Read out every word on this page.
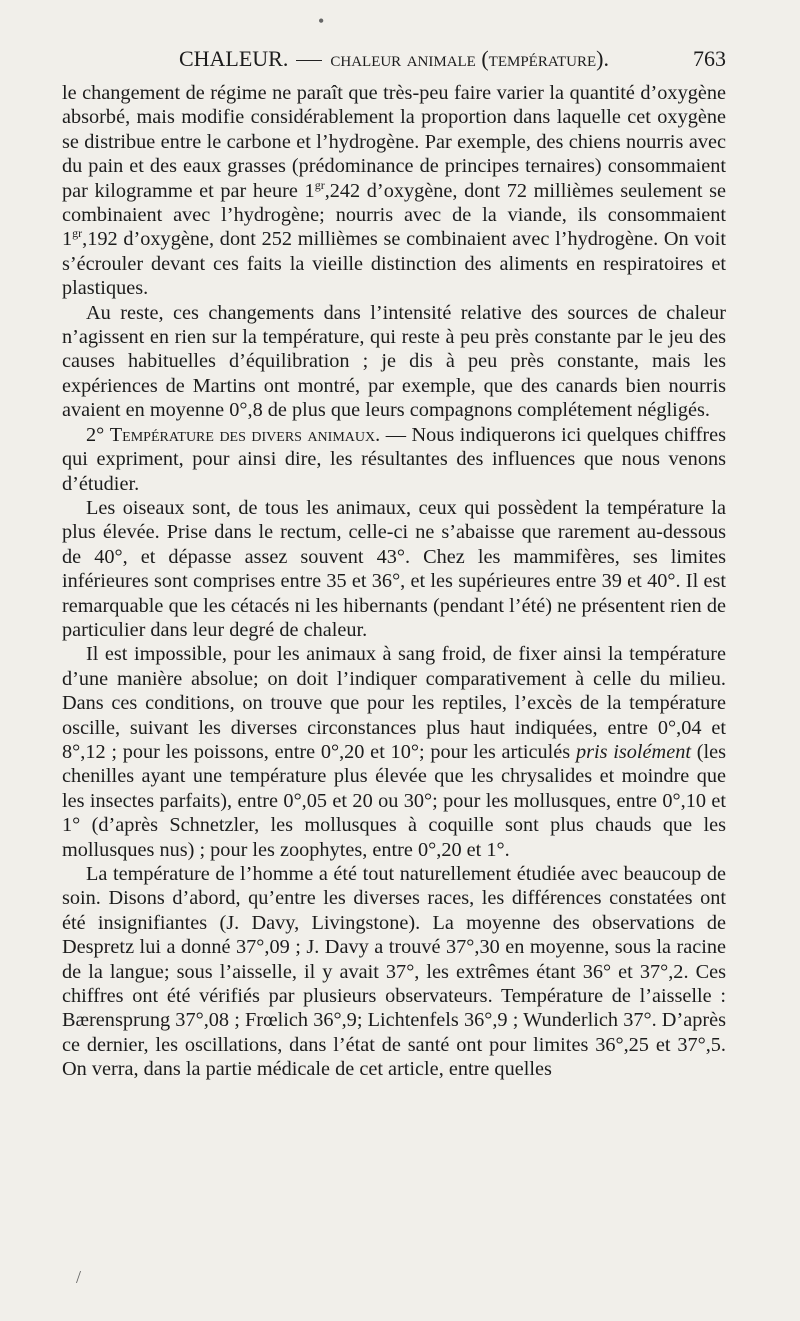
•
/
CHALEUR. chaleur animale (température).	763

le changement de régime ne paraît que très-peu faire varier la quantité d’oxygène absorbé, mais modifie considérablement la proportion dans laquelle cet oxygène se distribue entre le carbone et l’hydrogène. Par exemple, des chiens nourris avec du pain et des eaux grasses (prédominance de principes ternaires) consommaient par kilogramme et par heure $1^{gr},242$ d’oxygène, dont 72 millièmes seulement se combinaient avec l’hydrogène; nourris avec de la viande, ils consommaient $1^{gr},192$ d’oxygène, dont 252 millièmes se combinaient avec l’hydrogène. On voit s’écrouler devant ces faits la vieille distinction des aliments en respiratoires et plastiques.

Au reste, ces changements dans l’intensité relative des sources de chaleur n’agissent en rien sur la température, qui reste à peu près constante par le jeu des causes habituelles d’équilibration ; je dis à peu près constante, mais les expériences de Martins ont montré, par exemple, que des canards bien nourris avaient en moyenne 0°,8 de plus que leurs compagnons complétement négligés.

2° Température des divers animaux. — Nous indiquerons ici quelques chiffres qui expriment, pour ainsi dire, les résultantes des influences que nous venons d’étudier.

Les oiseaux sont, de tous les animaux, ceux qui possèdent la température la plus élevée. Prise dans le rectum, celle-ci ne s’abaisse que rarement au-dessous de 40°, et dépasse assez souvent 43°. Chez les mammifères, ses limites inférieures sont comprises entre 35 et 36°, et les supérieures entre 39 et 40°. Il est remarquable que les cétacés ni les hibernants (pendant l’été) ne présentent rien de particulier dans leur degré de chaleur.

Il est impossible, pour les animaux à sang froid, de fixer ainsi la température d’une manière absolue; on doit l’indiquer comparativement à celle du milieu. Dans ces conditions, on trouve que pour les reptiles, l’excès de la température oscille, suivant les diverses circonstances plus haut indiquées, entre 0°,04 et 8°,12 ; pour les poissons, entre 0°,20 et 10°; pour les articulés pris isolément (les chenilles ayant une température plus élevée que les chrysalides et moindre que les insectes parfaits), entre 0°,05 et 20 ou 30°; pour les mollusques, entre 0°,10 et 1° (d’après Schnetzler, les mollusques à coquille sont plus chauds que les mollusques nus) ; pour les zoophytes, entre 0°,20 et 1°.

La température de l’homme a été tout naturellement étudiée avec beaucoup de soin. Disons d’abord, qu’entre les diverses races, les différences constatées ont été insignifiantes (J. Davy, Livingstone). La moyenne des observations de Despretz lui a donné 37°,09 ; J. Davy a trouvé 37°,30 en moyenne, sous la racine de la langue; sous l’aisselle, il y avait 37°, les extrêmes étant 36° et 37°,2. Ces chiffres ont été vérifiés par plusieurs observateurs. Température de l’aisselle : Bærensprung 37°,08 ; Frœlich 36°,9; Lichtenfels 36°,9 ; Wunderlich 37°. D’après ce dernier, les oscillations, dans l’état de santé ont pour limites 36°,25 et 37°,5. On verra, dans la partie médicale de cet article, entre quelles
